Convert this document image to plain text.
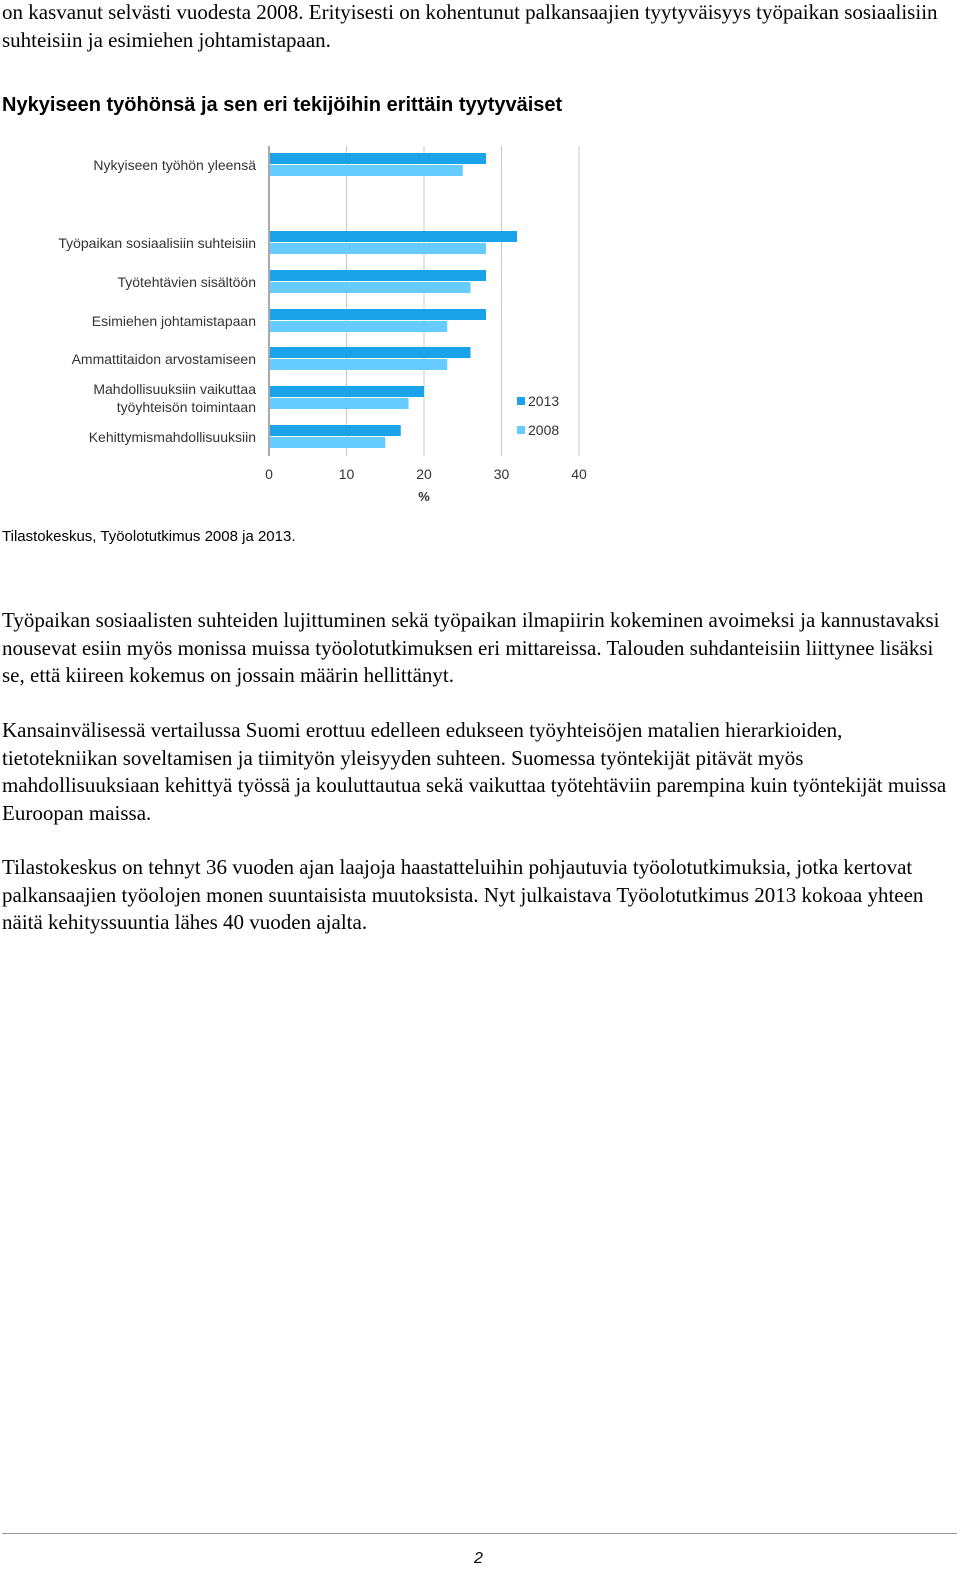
on kasvanut selvästi vuodesta 2008. Erityisesti on kohentunut palkansaajien tyytyväisyys työpaikan sosiaalisiin suhteisiin ja esimiehen johtamistapaan.

Nykyiseen työhönsä ja sen eri tekijöihin erittäin tyytyväiset
Nykyiseen työhön yleensä
Työpaikan sosiaalisiin suhteisiin
Työtehtävien sisältöön
Esimiehen johtamistapaan
Ammattitaidon arvostamiseen
Mahdollisuuksiin vaikuttaa
työyhteisön toimintaan
Kehittymismahdollisuuksiin
0	10	20	30	40
%
2013
2008
Tilastokeskus, Työolotutkimus 2008 ja 2013.

Työpaikan sosiaalisten suhteiden lujittuminen sekä työpaikan ilmapiirin kokeminen avoimeksi ja kannustavaksi nousevat esiin myös monissa muissa työolotutkimuksen eri mittareissa. Talouden suhdanteisiin liittynee lisäksi se, että kiireen kokemus on jossain määrin hellittänyt.

Kansainvälisessä vertailussa Suomi erottuu edelleen edukseen työyhteisöjen matalien hierarkioiden, tietotekniikan soveltamisen ja tiimityön yleisyyden suhteen. Suomessa työntekijät pitävät myös mahdollisuuksiaan kehittyä työssä ja kouluttautua sekä vaikuttaa työtehtäviin parempina kuin työntekijät muissa Euroopan maissa.

Tilastokeskus on tehnyt 36 vuoden ajan laajoja haastatteluihin pohjautuvia työolotutkimuksia, jotka kertovat palkansaajien työolojen monen suuntaisista muutoksista. Nyt julkaistava Työolotutkimus 2013 kokoaa yhteen näitä kehityssuuntia lähes 40 vuoden ajalta.

2
